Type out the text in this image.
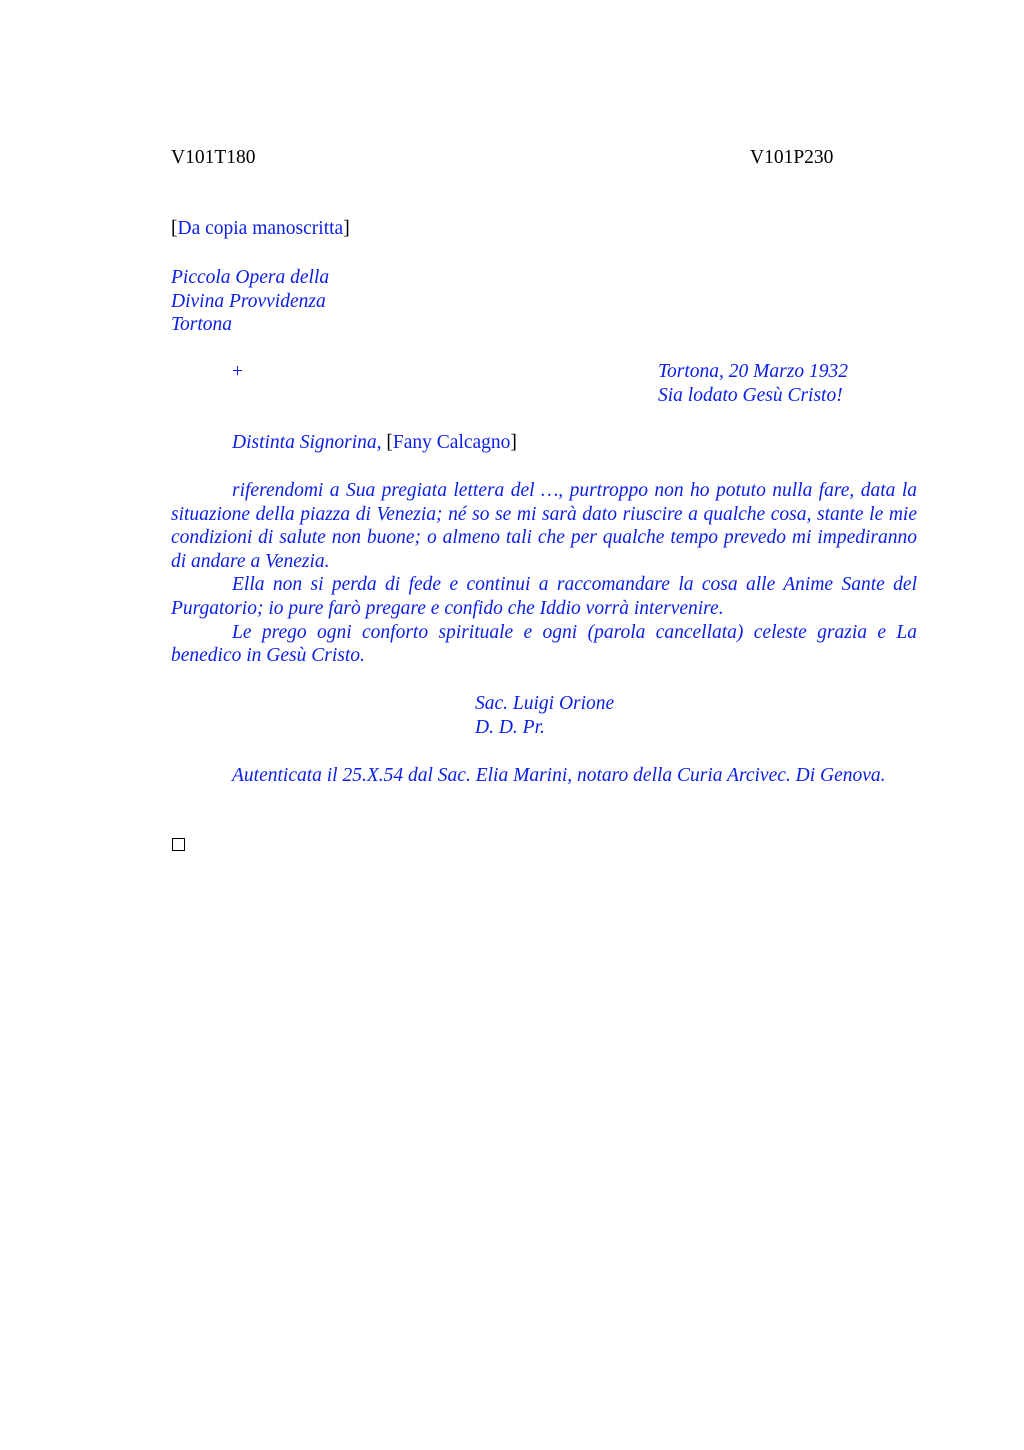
V101T180	V101P230
[Da copia manoscritta]
Piccola Opera della
Divina Provvidenza
Tortona
+	Tortona, 20 Marzo 1932
Sia lodato Gesù Cristo!
Distinta Signorina, [Fany Calcagno]

riferendomi a Sua pregiata lettera del …, purtroppo non ho potuto nulla fare, data la situazione della piazza di Venezia; né so se mi sarà dato riuscire a qualche cosa, stante le mie condizioni di salute non buone; o almeno tali che per qualche tempo prevedo mi impediranno di andare a Venezia.

Ella non si perda di fede e continui a raccomandare la cosa alle Anime Sante del Purgatorio; io pure farò pregare e confido che Iddio vorrà intervenire.

Le prego ogni conforto spirituale e ogni (parola cancellata) celeste grazia e La benedico in Gesù Cristo.

Sac. Luigi Orione
D. D. Pr.

Autenticata il 25.X.54 dal Sac. Elia Marini, notaro della Curia Arcivec. Di Genova.
